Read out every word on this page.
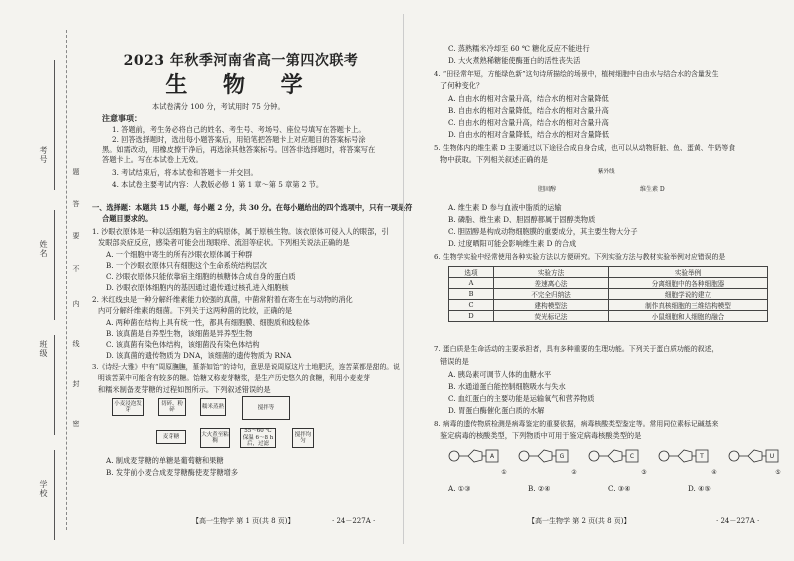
考号
姓名
班级
学校
密
封
线
内
不
要
答
题
2023 年秋季河南省高一第四次联考
生 物 学
本试卷满分 100 分，考试用时 75 分钟。
注意事项：
1. 答题前，考生务必将自己的姓名、考生号、考场号、座位号填写在答题卡上。
2. 回答选择题时，选出每小题答案后，用铅笔把答题卡上对应题目的答案标号涂
黑。如需改动，用橡皮擦干净后，再选涂其他答案标号。回答非选择题时，将答案写在
答题卡上。写在本试卷上无效。
3. 考试结束后，将本试卷和答题卡一并交回。
4. 本试卷主要考试内容：人教版必修 1 第 1 章～第 5 章第 2 节。
一、选择题：本题共 15 小题，每小题 2 分，共 30 分。在每小题给出的四个选项中，只有一项是符
合题目要求的。
1. 沙眼衣原体是一种以活细胞为宿主的病原体，属于原核生物。该衣原体可侵入人的眼部，引
发眼部炎症反应，感染者可能会出现眼痒、流泪等症状。下列相关说法正确的是
A. 一个细胞中寄生的所有沙眼衣原体属于种群
B. 一个沙眼衣原体只有细胞这个生命系统结构层次
C. 沙眼衣原体只能依靠宿主细胞的核糖体合成自身的蛋白质
D. 沙眼衣原体细胞内的基因通过遗传通过核孔进入细胞核
2. 米红线虫是一种分解纤维素能力较强的真菌，中菌常附着在寄生在与动物的消化
内可分解纤维素的细菌。下列关于这两种菌的比较，正确的是
A. 两种菌在结构上具有统一性，都具有细胞膜、细胞质和线粒体
B. 该真菌是自养型生物，该细菌是异养型生物
C. 该真菌有染色体结构，该细菌没有染色体结构
D. 该真菌的遗传物质为 DNA，该细菌的遗传物质为 RNA
3.《诗经·大雅》中有“周原膴膴，堇荼如饴”的诗句，意思是说周原这片土地肥沃，连苦菜都是甜的。说
明该苦菜中可能含有较多的糖。饴糖又称麦芽糖浆，是生产历史悠久的食糖，利用小麦麦芽
和糯米制备麦芽糖的过程如图所示。下列叙述错误的是
小麦浸泡发芽
切碎、粉碎
糯米蒸熟	搅拌等
麦芽糖	大火煮至粘稠
55～60 ℃ 保温 6～8 h 后，过滤
搅拌均匀
A. 制成麦芽糖的单糖是葡萄糖和果糖
B. 发芽前小麦合成麦芽糖酶使麦芽糖增多
【高一生物学 第 1 页(共 8 页)】	· 24－227A ·
C. 蒸熟糯米冷却至 60 ℃ 糖化反应不能进行
D. 大火煮熟稀糖能使酶蛋白的活性丧失活
4. “田径常年短，方能绿色新”这句诗所描绘的场景中，植树细胞中自由水与结合水的含量发生
了何种变化？
A. 自由水的相对含量升高，结合水的相对含量降低
B. 自由水的相对含量降低，结合水的相对含量升高
C. 自由水的相对含量升高，结合水的相对含量升高
D. 自由水的相对含量降低，结合水的相对含量降低
5. 生物体内的维生素 D 主要通过以下途径合成自身合成，也可以从动物肝脏、鱼、蛋黄、牛奶等食
物中获取。下列相关叙述正确的是
胆固醇
紫外线
维生素 D
A. 维生素 D 参与血液中脂质的运输
B. 磷脂、维生素 D、胆固醇都属于固醇类物质
C. 胆固醇是构成动物细胞膜的重要成分，其主要生物大分子
D. 过度晒阳可能会影响维生素 D 的合成
6. 生物学实验中经常使用各种实验方法以方便研究。下列实验方法与教材实验举例对应错误的是
选项	实验方法	实验举例
A	差速离心法	分离细胞中的各种细胞器
B	不完全归纳法	细胞学说的建立
C	建构模型法	制作真核细胞的三维结构模型
D	荧光标记法	小鼠细胞和人细胞的融合
7. 蛋白质是生命活动的主要承担者，具有多种重要的生理功能。下列关于蛋白质功能的叙述，
错误的是
A. 胰岛素可调节人体的血糖水平
B. 水通道蛋白能控制细胞吸水与失水
C. 血红蛋白的主要功能是运输氧气和营养物质
D. 胃蛋白酶催化蛋白质的水解
8. 病毒的遗传物质检测是病毒鉴定的重要依据，病毒核酸类型鉴定等。常用同位素标记碱基来
鉴定病毒的核酸类型，下列物质中可用于鉴定病毒核酸类型的是
A	G	C	T	U
①	②	③	④	⑤
A. ①③	B. ②④	C. ③④	D. ④⑤
【高一生物学 第 2 页(共 8 页)】	· 24－227A ·
